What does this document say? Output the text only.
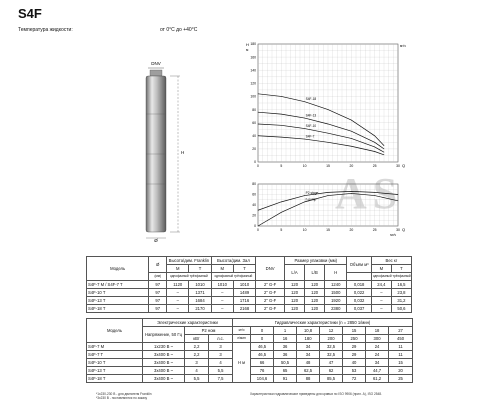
S4F
Температура жидкости:	от 0°С до +40°С
AS
DNV
H
Ø
0
20
40
60
80
100
120
140
160
180
0	5	10	15	20	25	30
H
м
Q
м³/ч
S4F-18
S4F-13
S4F-10
S4F-7
0
20
40
60
80
0	5	10	15	20	25	30 Q
м³/ч
P2 stage
h pump
Модель	Ø	Высота/дим. Franklin		Высота/дим. Зал		DNV	Размер упаковки (мм)			Объём м³	Вес кг	
		М	Т	М	Т		L/A	L/B	H		М	Т
	(мм)	однофазный трёхфазный		однофазный трёхфазный							однофазный трёхфазный	
S4F-7 M / S4F-7 T	97	1120	1010	1010	1010	2" G-F	120	120	1240	0,018	24,4	16,5
S4F-10 T	97	–	1371	–	1489	2" G-F	120	120	1500	0,022	–	23,8
S4F-13 T	97	–	1684	–	1716	2" G-F	120	120	1920	0,032	–	31,2
S4F-18 T	97	–	2170	–	2168	2" G-F	120	120	2380	0,037	–	50,6
Модель	Электрические характеристики			Гидравлические характеристики (n = 2850 1/мин)							
	Напряжение, 50 Гц	P2 ном		м³/ч	0	1	10,8	12	15	18	27
		кВт	л.с.	л/мин	0	16	180	200	250	300	450
S4F-7 M	1x230 В ~	2,2	3	H м	46,5	36	34	32,5	29	24	11
S4F-7 T	3x400 В ~	2,2	3		46,5	36	34	32,5	29	24	11
S4F-10 T	3x400 В ~	3	4		66	50,5	48	47	40	34	15
S4F-13 T	3x400 В ~	4	5,5		76	65	62,5	62	53	44,7	20
S4F-18 T	3x400 В ~	5,5	7,5		104,6	91	88	85,5	72	61,2	25
*1x230-230 В - для двигателя Franklin
*3x230 В - поставляются по заказу
Характеристики гидравлические приведены для кривых по ISO 9906 (прил. А), ISO 2548.
